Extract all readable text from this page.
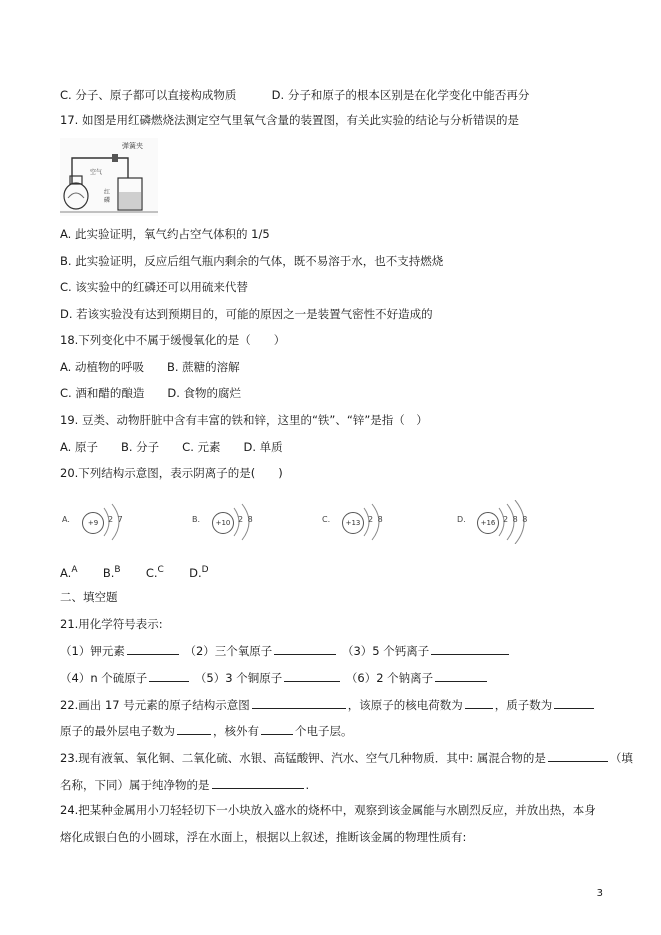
C. 分子、原子都可以直接构成物质	D. 分子和原子的根本区别是在化学变化中能否再分
17. 如图是用红磷燃烧法测定空气里氧气含量的装置图，有关此实验的结论与分析错误的是
弹簧夹
空气
红
磷
A. 此实验证明，氧气约占空气体积的 1/5
B. 此实验证明，反应后组气瓶内剩余的气体，既不易溶于水，也不支持燃烧
C. 该实验中的红磷还可以用硫来代替
D. 若该实验没有达到预期目的，可能的原因之一是装置气密性不好造成的
18.下列变化中不属于缓慢氧化的是（　　）
A. 动植物的呼吸　　B. 蔗糖的溶解
C. 酒和醋的酿造　　D. 食物的腐烂
19. 豆类、动物肝脏中含有丰富的铁和锌，这里的“铁”、“锌”是指（　）
A. 原子　　B. 分子　　C. 元素　　D. 单质
20.下列结构示意图，表示阴离子的是(　　)
A.	+9	2 7	B.	+10 2 8	C.	+13 2 8	D.	+16 2 8 8
A.$^A$ B.$^B$ C.$^C$ D.$^D$
二、填空题
21.用化学符号表示:
（1）钾元素	（2）三个氧原子	（3）5 个钙离子
（4）n 个硫原子	（5）3 个铜原子	（6）2 个钠离子
22.画出 17 号元素的原子结构示意图	，该原子的核电荷数为	，质子数为
原子的最外层电子数为	，核外有	个电子层。
23.现有液氧、氧化铜、二氧化硫、水银、高锰酸钾、汽水、空气几种物质．其中: 属混合物的是	（填
名称，下同）属于纯净物的是	.
24.把某种金属用小刀轻轻切下一小块放入盛水的烧杯中，观察到该金属能与水剧烈反应，并放出热，本身
熔化成银白色的小圆球，浮在水面上，根据以上叙述，推断该金属的物理性质有:
3
